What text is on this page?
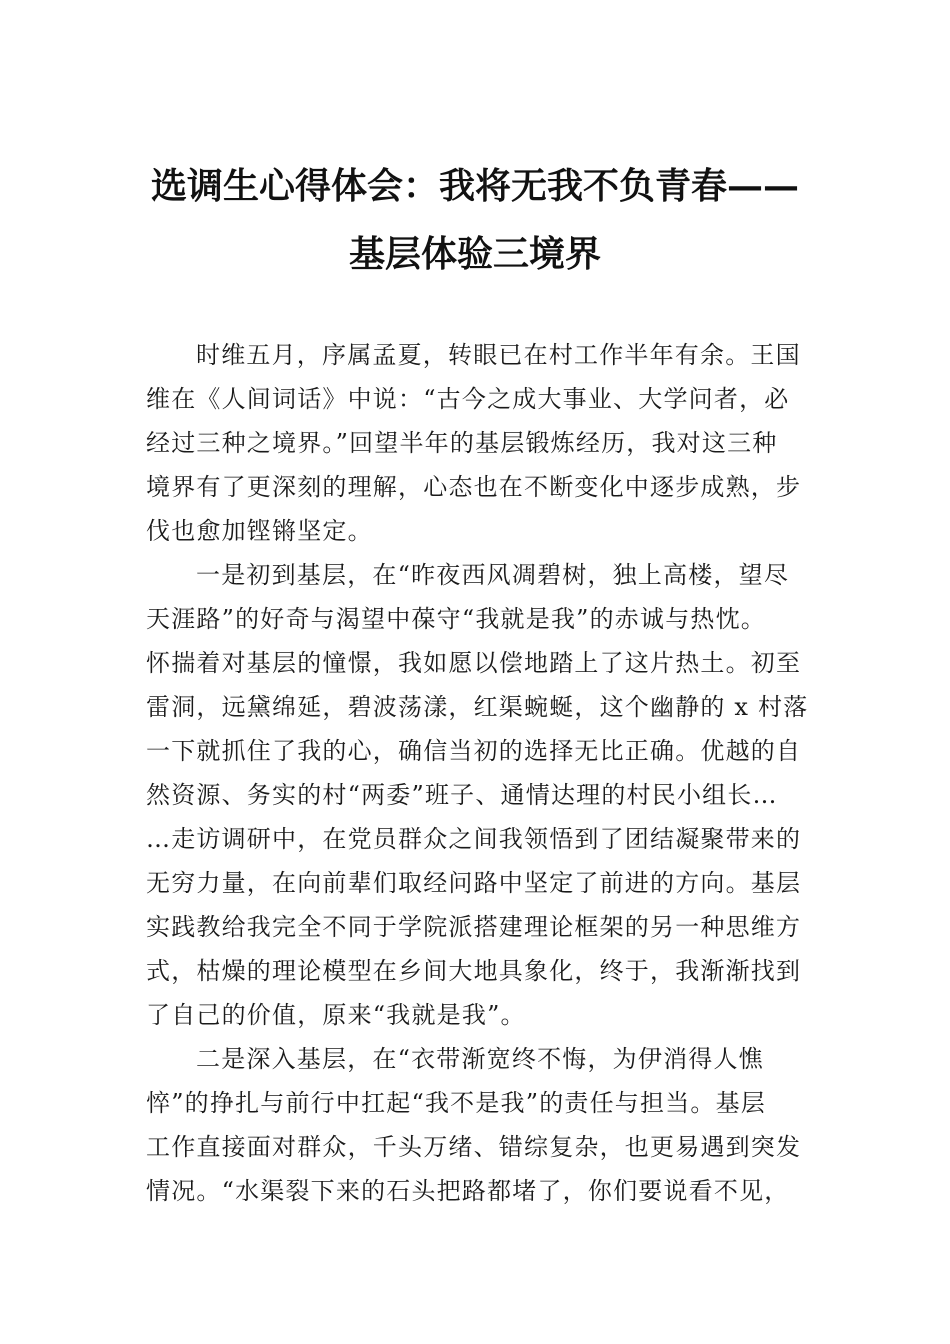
选调生心得体会：我将无我不负青春——
基层体验三境界
时维五月，序属孟夏，转眼已在村工作半年有余。王国
维在《人间词话》中说：“古今之成大事业、大学问者，必
经过三种之境界。”回望半年的基层锻炼经历，我对这三种
境界有了更深刻的理解，心态也在不断变化中逐步成熟，步
伐也愈加铿锵坚定。
一是初到基层，在“昨夜西风凋碧树，独上高楼，望尽
天涯路”的好奇与渴望中葆守“我就是我”的赤诚与热忱。
怀揣着对基层的憧憬，我如愿以偿地踏上了这片热土。初至
雷洞，远黛绵延，碧波荡漾，红渠蜿蜒，这个幽静的 x 村落
一下就抓住了我的心，确信当初的选择无比正确。优越的自
然资源、务实的村“两委”班子、通情达理的村民小组长…
…走访调研中，在党员群众之间我领悟到了团结凝聚带来的
无穷力量，在向前辈们取经问路中坚定了前进的方向。基层
实践教给我完全不同于学院派搭建理论框架的另一种思维方
式，枯燥的理论模型在乡间大地具象化，终于，我渐渐找到
了自己的价值，原来“我就是我”。
二是深入基层，在“衣带渐宽终不悔，为伊消得人憔
悴”的挣扎与前行中扛起“我不是我”的责任与担当。基层
工作直接面对群众，千头万绪、错综复杂，也更易遇到突发
情况。“水渠裂下来的石头把路都堵了，你们要说看不见，
